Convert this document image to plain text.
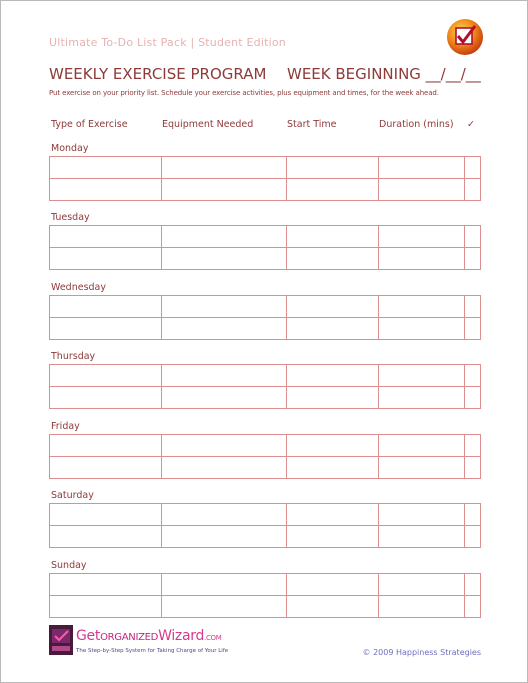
Ultimate To-Do List Pack | Student Edition
WEEKLY EXERCISE PROGRAM WEEK BEGINNING __/__/__
Put exercise on your priority list. Schedule your exercise activities, plus equipment and times, for the week ahead.
Type of Exercise	Equipment Needed	Start Time	Duration (mins) ✓
Monday
Tuesday
Wednesday
Thursday
Friday
Saturday
Sunday
GetORGANIZEDWizard.COM
The Step-by-Step System for Taking Charge of Your Life	© 2009 Happiness Strategies
